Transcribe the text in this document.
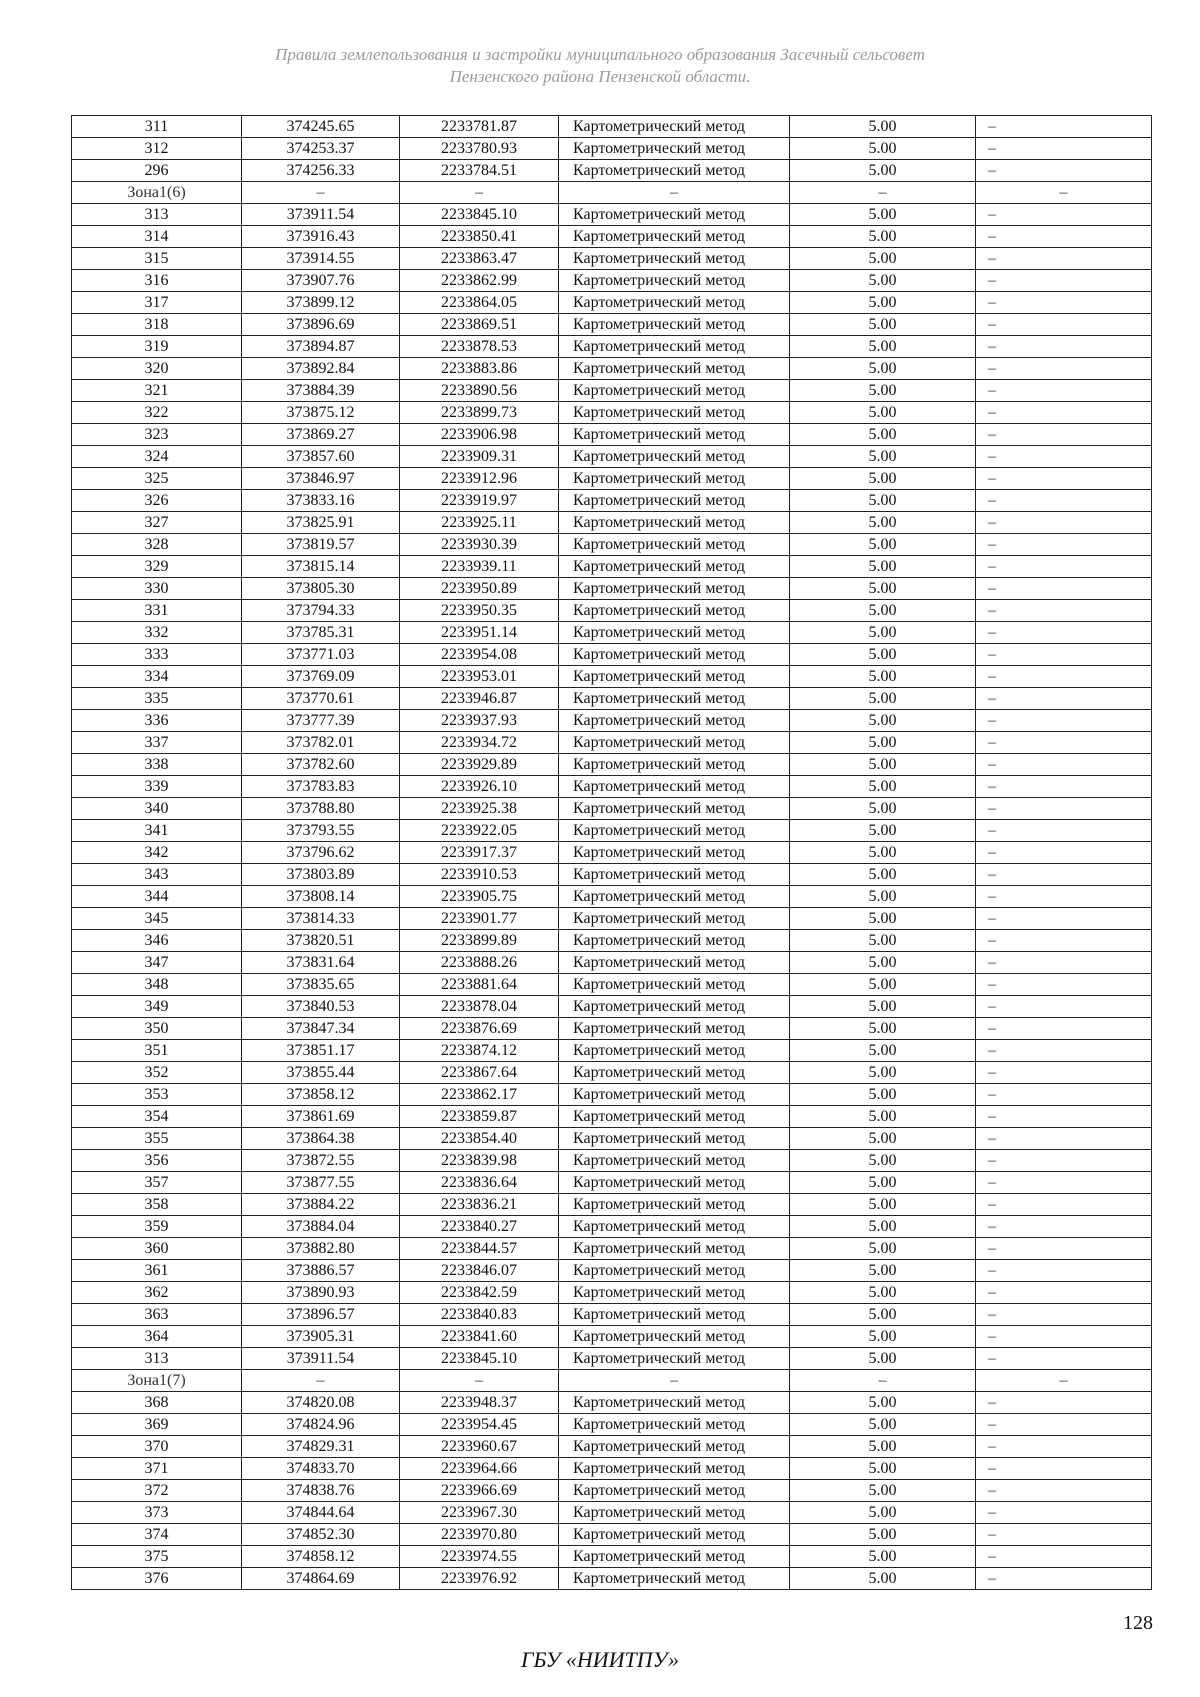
Правила землепользования и застройки муниципального образования Засечный сельсовет
Пензенского района Пензенской области.
311	374245.65	2233781.87	Картометрический метод	5.00	–
312	374253.37	2233780.93	Картометрический метод	5.00	–
296	374256.33	2233784.51	Картометрический метод	5.00	–
Зона1(6)	–	–	–	–	–
313	373911.54	2233845.10	Картометрический метод	5.00	–
314	373916.43	2233850.41	Картометрический метод	5.00	–
315	373914.55	2233863.47	Картометрический метод	5.00	–
316	373907.76	2233862.99	Картометрический метод	5.00	–
317	373899.12	2233864.05	Картометрический метод	5.00	–
318	373896.69	2233869.51	Картометрический метод	5.00	–
319	373894.87	2233878.53	Картометрический метод	5.00	–
320	373892.84	2233883.86	Картометрический метод	5.00	–
321	373884.39	2233890.56	Картометрический метод	5.00	–
322	373875.12	2233899.73	Картометрический метод	5.00	–
323	373869.27	2233906.98	Картометрический метод	5.00	–
324	373857.60	2233909.31	Картометрический метод	5.00	–
325	373846.97	2233912.96	Картометрический метод	5.00	–
326	373833.16	2233919.97	Картометрический метод	5.00	–
327	373825.91	2233925.11	Картометрический метод	5.00	–
328	373819.57	2233930.39	Картометрический метод	5.00	–
329	373815.14	2233939.11	Картометрический метод	5.00	–
330	373805.30	2233950.89	Картометрический метод	5.00	–
331	373794.33	2233950.35	Картометрический метод	5.00	–
332	373785.31	2233951.14	Картометрический метод	5.00	–
333	373771.03	2233954.08	Картометрический метод	5.00	–
334	373769.09	2233953.01	Картометрический метод	5.00	–
335	373770.61	2233946.87	Картометрический метод	5.00	–
336	373777.39	2233937.93	Картометрический метод	5.00	–
337	373782.01	2233934.72	Картометрический метод	5.00	–
338	373782.60	2233929.89	Картометрический метод	5.00	–
339	373783.83	2233926.10	Картометрический метод	5.00	–
340	373788.80	2233925.38	Картометрический метод	5.00	–
341	373793.55	2233922.05	Картометрический метод	5.00	–
342	373796.62	2233917.37	Картометрический метод	5.00	–
343	373803.89	2233910.53	Картометрический метод	5.00	–
344	373808.14	2233905.75	Картометрический метод	5.00	–
345	373814.33	2233901.77	Картометрический метод	5.00	–
346	373820.51	2233899.89	Картометрический метод	5.00	–
347	373831.64	2233888.26	Картометрический метод	5.00	–
348	373835.65	2233881.64	Картометрический метод	5.00	–
349	373840.53	2233878.04	Картометрический метод	5.00	–
350	373847.34	2233876.69	Картометрический метод	5.00	–
351	373851.17	2233874.12	Картометрический метод	5.00	–
352	373855.44	2233867.64	Картометрический метод	5.00	–
353	373858.12	2233862.17	Картометрический метод	5.00	–
354	373861.69	2233859.87	Картометрический метод	5.00	–
355	373864.38	2233854.40	Картометрический метод	5.00	–
356	373872.55	2233839.98	Картометрический метод	5.00	–
357	373877.55	2233836.64	Картометрический метод	5.00	–
358	373884.22	2233836.21	Картометрический метод	5.00	–
359	373884.04	2233840.27	Картометрический метод	5.00	–
360	373882.80	2233844.57	Картометрический метод	5.00	–
361	373886.57	2233846.07	Картометрический метод	5.00	–
362	373890.93	2233842.59	Картометрический метод	5.00	–
363	373896.57	2233840.83	Картометрический метод	5.00	–
364	373905.31	2233841.60	Картометрический метод	5.00	–
313	373911.54	2233845.10	Картометрический метод	5.00	–
Зона1(7)	–	–	–	–	–
368	374820.08	2233948.37	Картометрический метод	5.00	–
369	374824.96	2233954.45	Картометрический метод	5.00	–
370	374829.31	2233960.67	Картометрический метод	5.00	–
371	374833.70	2233964.66	Картометрический метод	5.00	–
372	374838.76	2233966.69	Картометрический метод	5.00	–
373	374844.64	2233967.30	Картометрический метод	5.00	–
374	374852.30	2233970.80	Картометрический метод	5.00	–
375	374858.12	2233974.55	Картометрический метод	5.00	–
376	374864.69	2233976.92	Картометрический метод	5.00	–
128
ГБУ «НИИТПУ»
